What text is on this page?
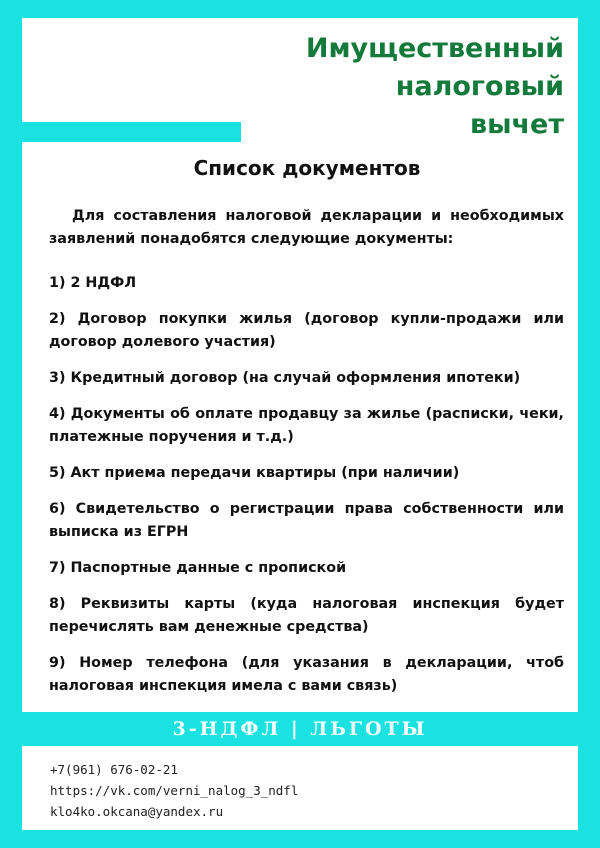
Имущественный
налоговый
вычет
Список документов

Для составления налоговой декларации и необходимых заявлений понадобятся следующие документы:

1) 2 НДФЛ

2) Договор покупки жилья (договор купли-продажи или договор долевого участия)

3) Кредитный договор (на случай оформления ипотеки)

4) Документы об оплате продавцу за жилье (расписки, чеки, платежные поручения и т.д.)

5) Акт приема передачи квартиры (при наличии)

6) Свидетельство о регистрации права собственности или выписка из ЕГРН

7) Паспортные данные с пропиской

8) Реквизиты карты (куда налоговая инспекция будет перечислять вам денежные средства)

9) Номер телефона (для указания в декларации, чтоб налоговая инспекция имела с вами связь)

3-НДФЛ | ЛЬГОТЫ
+7(961) 676-02-21
https://vk.com/verni_nalog_3_ndfl
klo4ko.okcana@yandex.ru
